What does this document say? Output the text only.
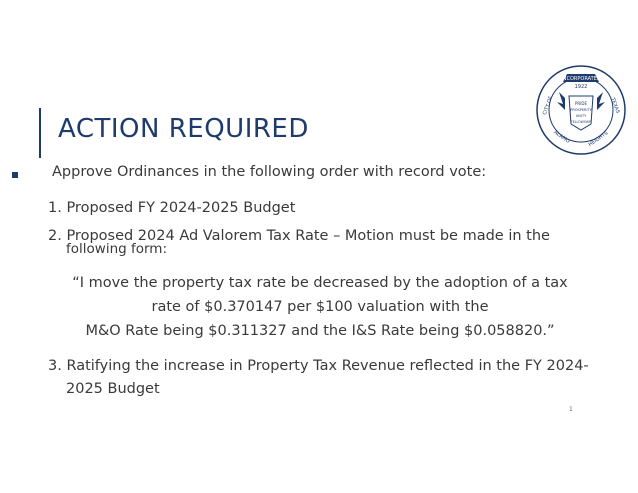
ACTION REQUIRED
INCORPORATED
1922
PRIDE
PROSPERITY
UNITY
FELLOWSHIP
CITY OF	TEXAS
ALAMO	HEIGHTS
Approve Ordinances in the following order with record vote:
1. Proposed FY 2024-2025 Budget
2. Proposed 2024 Ad Valorem Tax Rate – Motion must be made in the
following form:
“I move the property tax rate be decreased by the adoption of a tax
rate of $0.370147 per $100 valuation with the
M&O Rate being $0.311327 and the I&S Rate being $0.058820.”
3. Ratifying the increase in Property Tax Revenue reflected in the FY 2024-
2025 Budget
1
